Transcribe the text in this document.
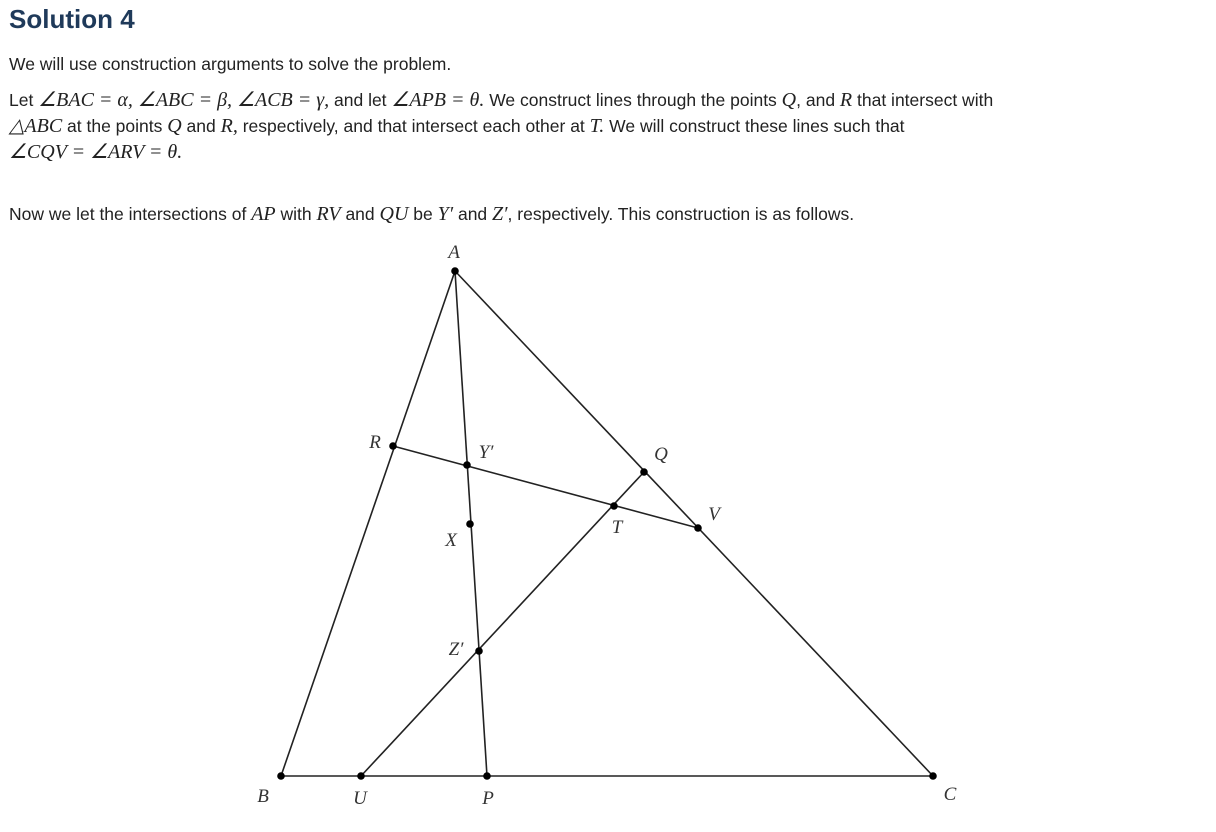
Solution 4

We will use construction arguments to solve the problem.

Let ∠BAC = α, ∠ABC = β, ∠ACB = γ, and let ∠APB = θ. We construct lines through the points Q, and R that intersect with
△ABC at the points Q and R, respectively, and that intersect each other at T. We will construct these lines such that
∠CQV = ∠ARV = θ.

Now we let the intersections of AP with RV and QU be Y′ and Z′, respectively. This construction is as follows.

A
B	C
P
U
R
Q
V
T
Y′
X
Z′
